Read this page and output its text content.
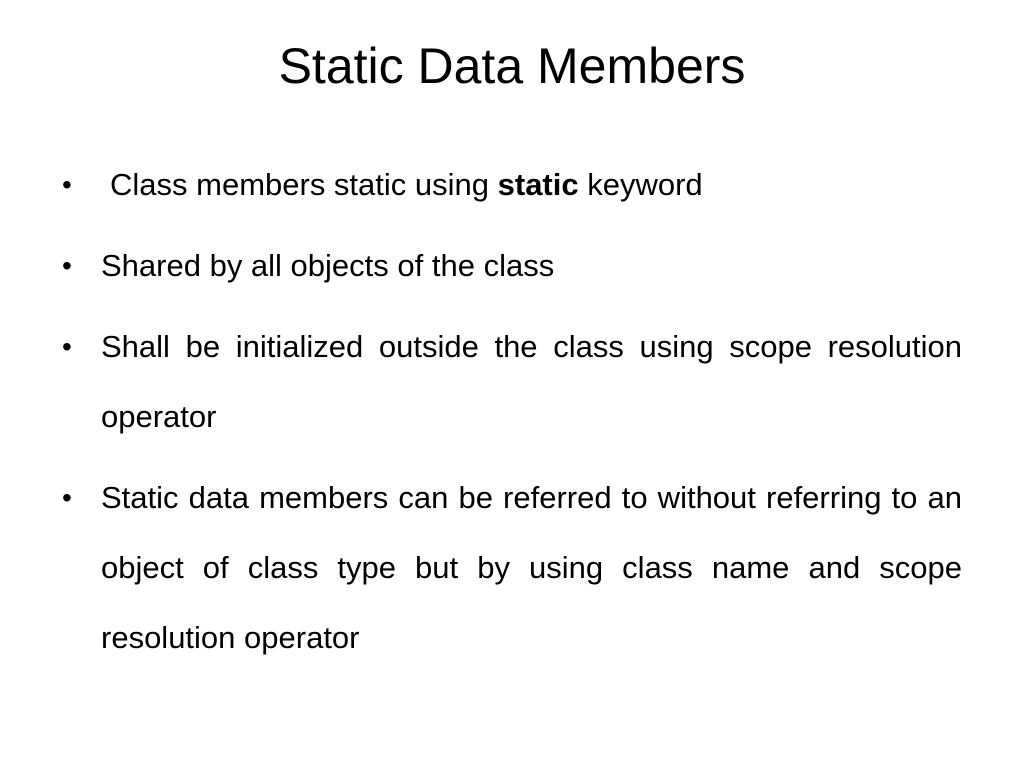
Static Data Members
•	Class members static using static keyword
• Shared by all objects of the class
• Shall be initialized outside the class using scope resolution operator
• Static data members can be referred to without referring to an object of class type but by using class name and scope resolution operator
